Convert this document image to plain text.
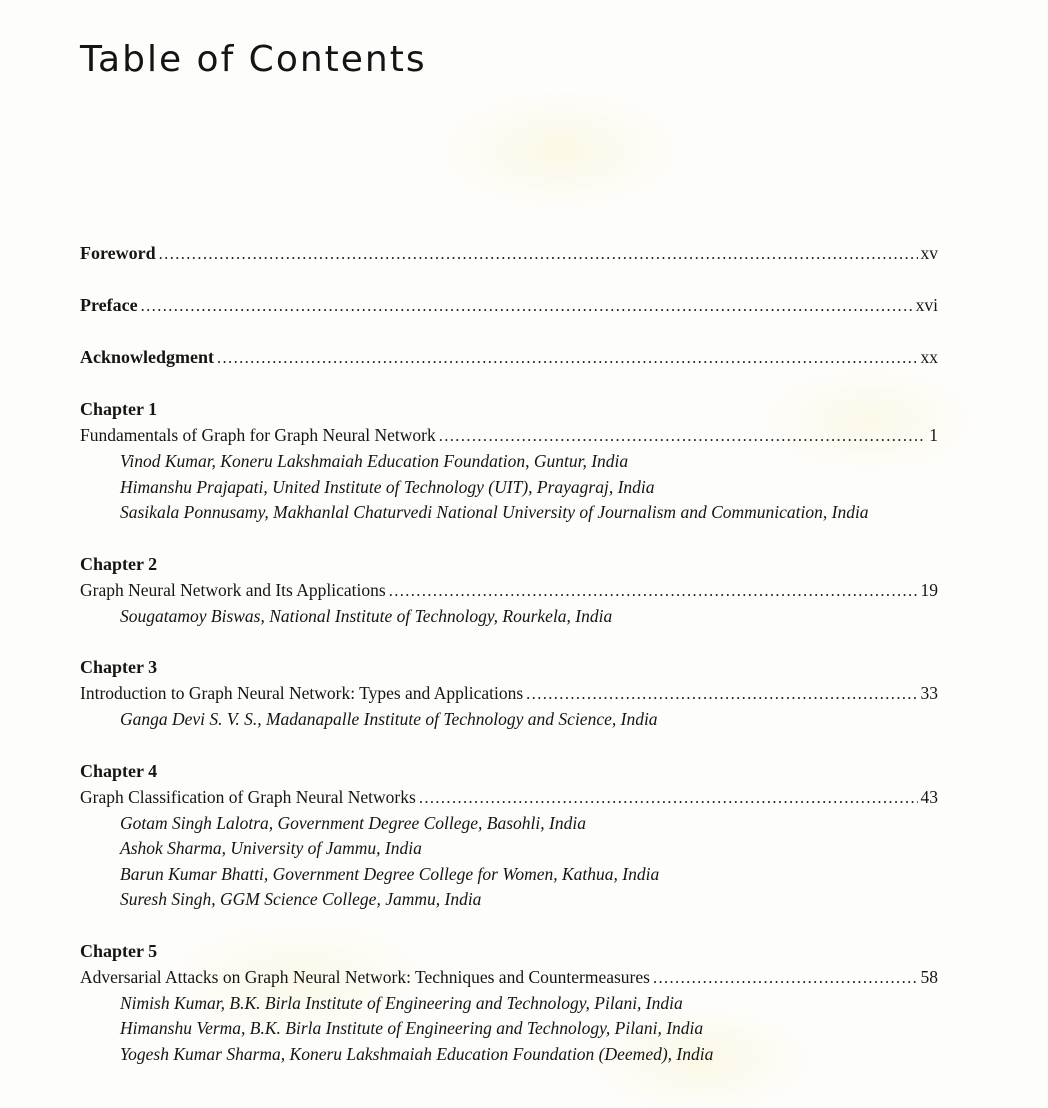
Table of Contents
Foreword .....	xv
Preface .....	xvi
Acknowledgment .....	xx
Chapter 1
Fundamentals of Graph for Graph Neural Network .....	1
Vinod Kumar, Koneru Lakshmaiah Education Foundation, Guntur, India
Himanshu Prajapati, United Institute of Technology (UIT), Prayagraj, India
Sasikala Ponnusamy, Makhanlal Chaturvedi National University of Journalism and Communication, India
Chapter 2
Graph Neural Network and Its Applications .....	19
Sougatamoy Biswas, National Institute of Technology, Rourkela, India
Chapter 3
Introduction to Graph Neural Network: Types and Applications .....	33
Ganga Devi S. V. S., Madanapalle Institute of Technology and Science, India
Chapter 4
Graph Classification of Graph Neural Networks .....	43
Gotam Singh Lalotra, Government Degree College, Basohli, India
Ashok Sharma, University of Jammu, India
Barun Kumar Bhatti, Government Degree College for Women, Kathua, India
Suresh Singh, GGM Science College, Jammu, India
Chapter 5
Adversarial Attacks on Graph Neural Network: Techniques and Countermeasures .....	58
Nimish Kumar, B.K. Birla Institute of Engineering and Technology, Pilani, India
Himanshu Verma, B.K. Birla Institute of Engineering and Technology, Pilani, India
Yogesh Kumar Sharma, Koneru Lakshmaiah Education Foundation (Deemed), India
